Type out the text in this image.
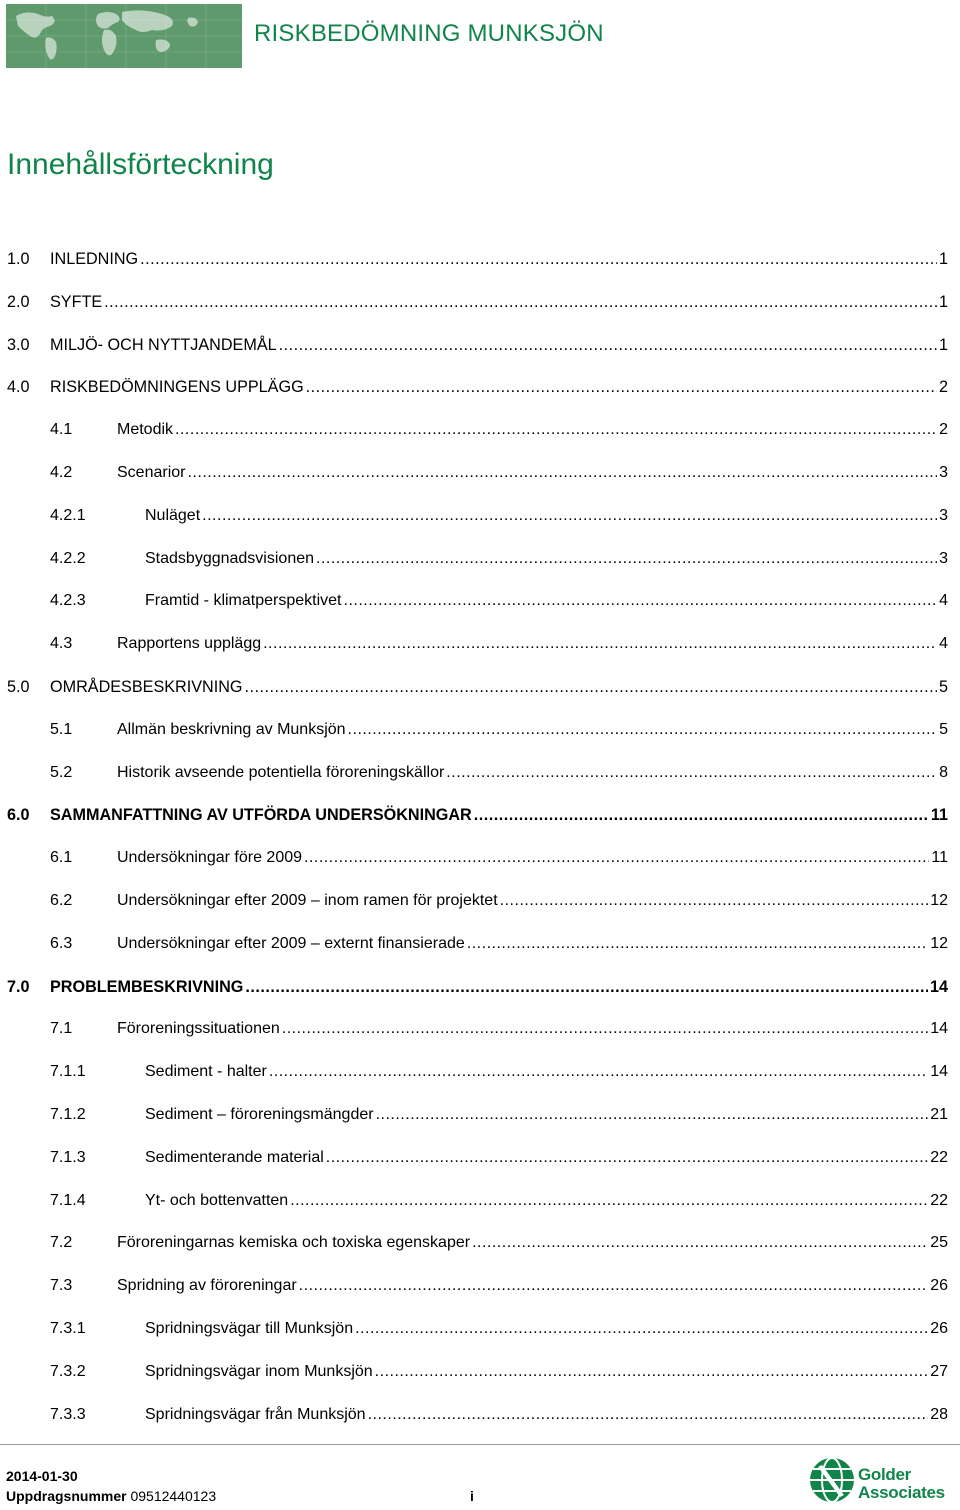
RISKBEDÖMNING MUNKSJÖN
Innehållsförteckning
1.0	INLEDNING .....	1
2.0	SYFTE .....	1
3.0	MILJÖ- OCH NYTTJANDEMÅL .....	1
4.0	RISKBEDÖMNINGENS UPPLÄGG .....	2
4.1	Metodik .....	2
4.2	Scenarior .....	3
4.2.1	Nuläget .....	3
4.2.2	Stadsbyggnadsvisionen .....	3
4.2.3	Framtid - klimatperspektivet .....	4
4.3	Rapportens upplägg .....	4
5.0	OMRÅDESBESKRIVNING .....	5
5.1	Allmän beskrivning av Munksjön .....	5
5.2	Historik avseende potentiella föroreningskällor .....	8
6.0	SAMMANFATTNING AV UTFÖRDA UNDERSÖKNINGAR .....	11
6.1	Undersökningar före 2009 .....	11
6.2	Undersökningar efter 2009 – inom ramen för projektet .....	12
6.3	Undersökningar efter 2009 – externt finansierade .....	12
7.0	PROBLEMBESKRIVNING .....	14
7.1	Föroreningssituationen .....	14
7.1.1	Sediment - halter .....	14
7.1.2	Sediment – föroreningsmängder .....	21
7.1.3	Sedimenterande material .....	22
7.1.4	Yt- och bottenvatten .....	22
7.2	Föroreningarnas kemiska och toxiska egenskaper .....	25
7.3	Spridning av föroreningar .....	26
7.3.1	Spridningsvägar till Munksjön .....	26
7.3.2	Spridningsvägar inom Munksjön .....	27
7.3.3	Spridningsvägar från Munksjön .....	28
2014-01-30
Uppdragsnummer 09512440123	i
Golder
Associates
